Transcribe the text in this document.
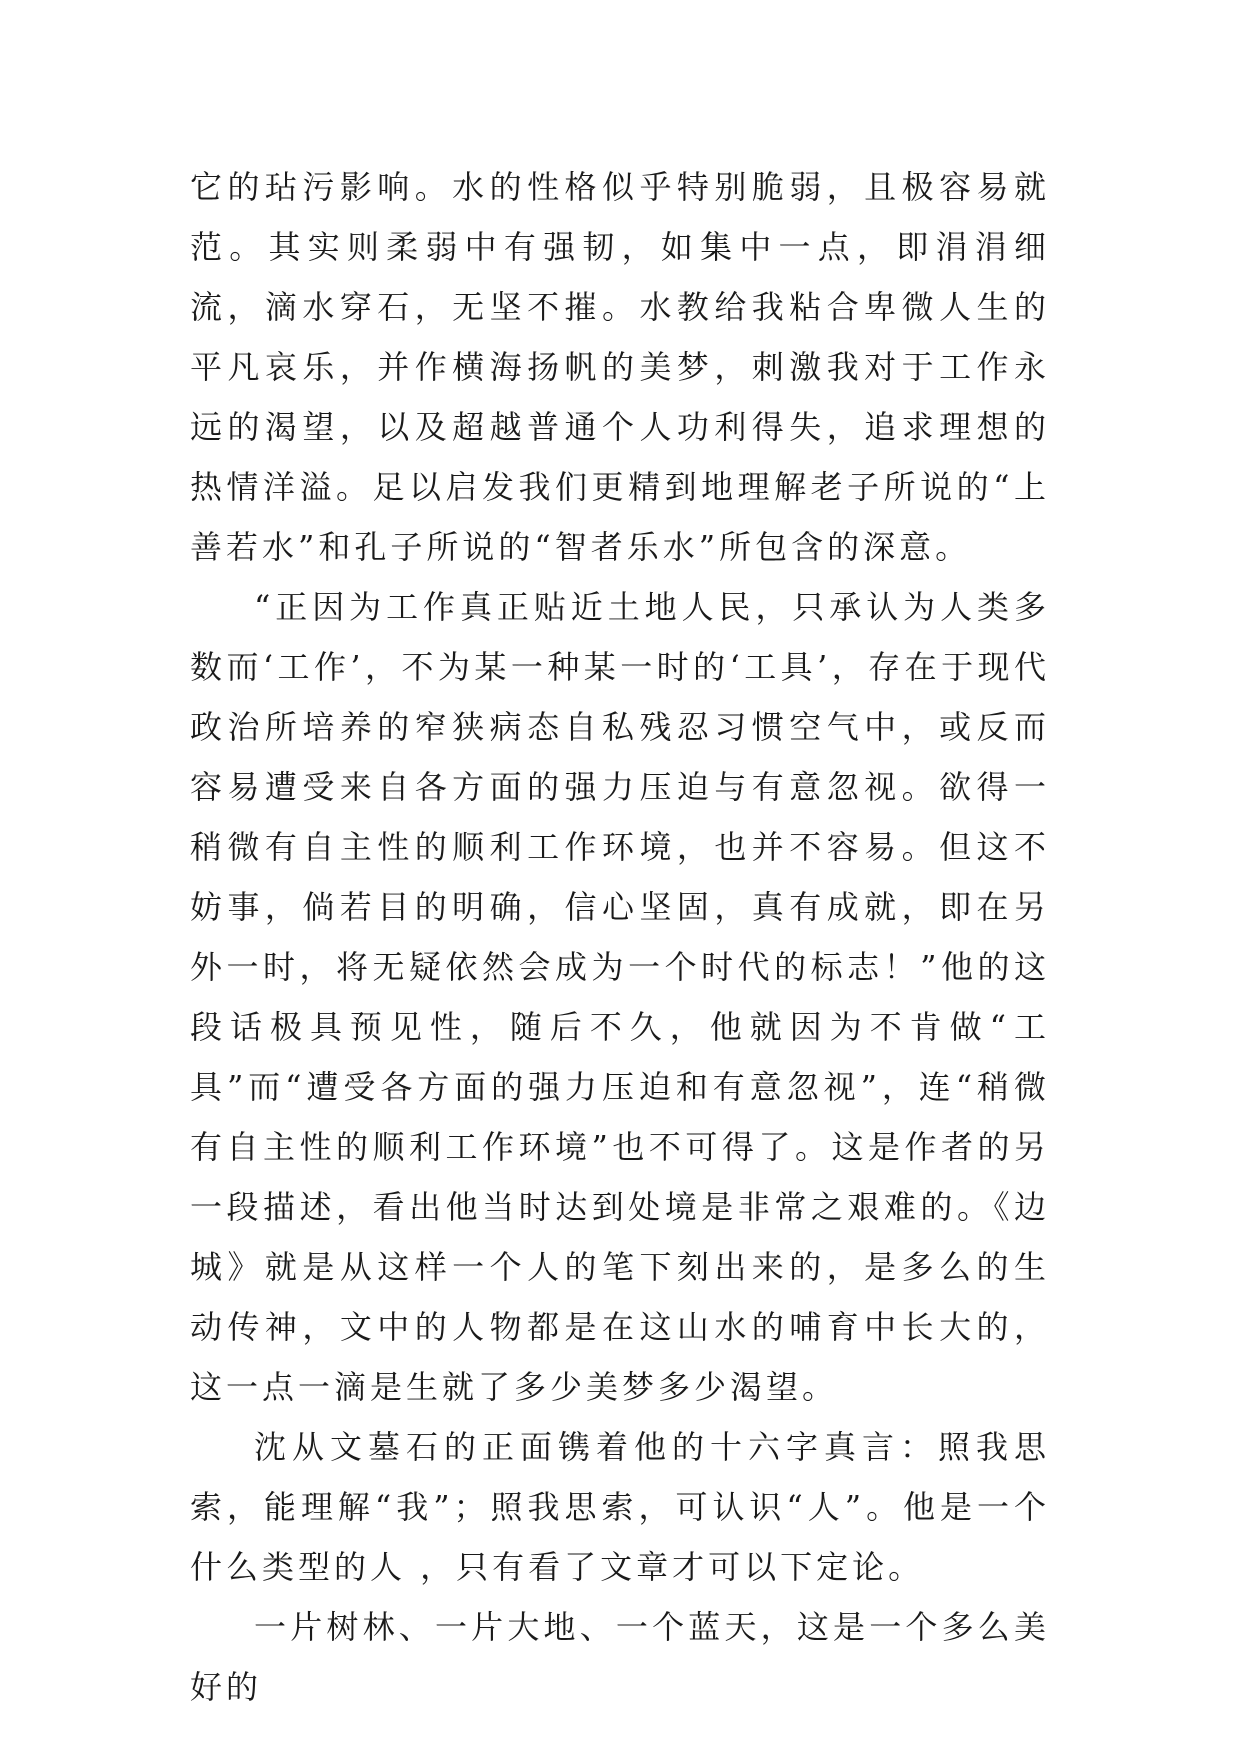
它的玷污影响。水的性格似乎特别脆弱，且极容易就范。其实则柔弱中有强韧，如集中一点，即涓涓细流，滴水穿石，无坚不摧。水教给我粘合卑微人生的平凡哀乐，并作横海扬帆的美梦，刺激我对于工作永远的渴望，以及超越普通个人功利得失，追求理想的热情洋溢。足以启发我们更精到地理解老子所说的“上善若水”和孔子所说的“智者乐水”所包含的深意。

“正因为工作真正贴近土地人民，只承认为人类多数而‘工作’，不为某一种某一时的‘工具’，存在于现代政治所培养的窄狭病态自私残忍习惯空气中，或反而容易遭受来自各方面的强力压迫与有意忽视。欲得一稍微有自主性的顺利工作环境，也并不容易。但这不妨事，倘若目的明确，信心坚固，真有成就，即在另外一时，将无疑依然会成为一个时代的标志！”他的这段话极具预见性，随后不久，他就因为不肯做“工具”而“遭受各方面的强力压迫和有意忽视”，连“稍微有自主性的顺利工作环境”也不可得了。这是作者的另一段描述，看出他当时达到处境是非常之艰难的。《边城》就是从这样一个人的笔下刻出来的，是多么的生动传神，文中的人物都是在这山水的哺育中长大的，这一点一滴是生就了多少美梦多少渴望。

沈从文墓石的正面镌着他的十六字真言：照我思索，能理解“我”；照我思索，可认识“人”。他是一个什么类型的人 ，只有看了文章才可以下定论。

一片树林、一片大地、一个蓝天，这是一个多么美好的
